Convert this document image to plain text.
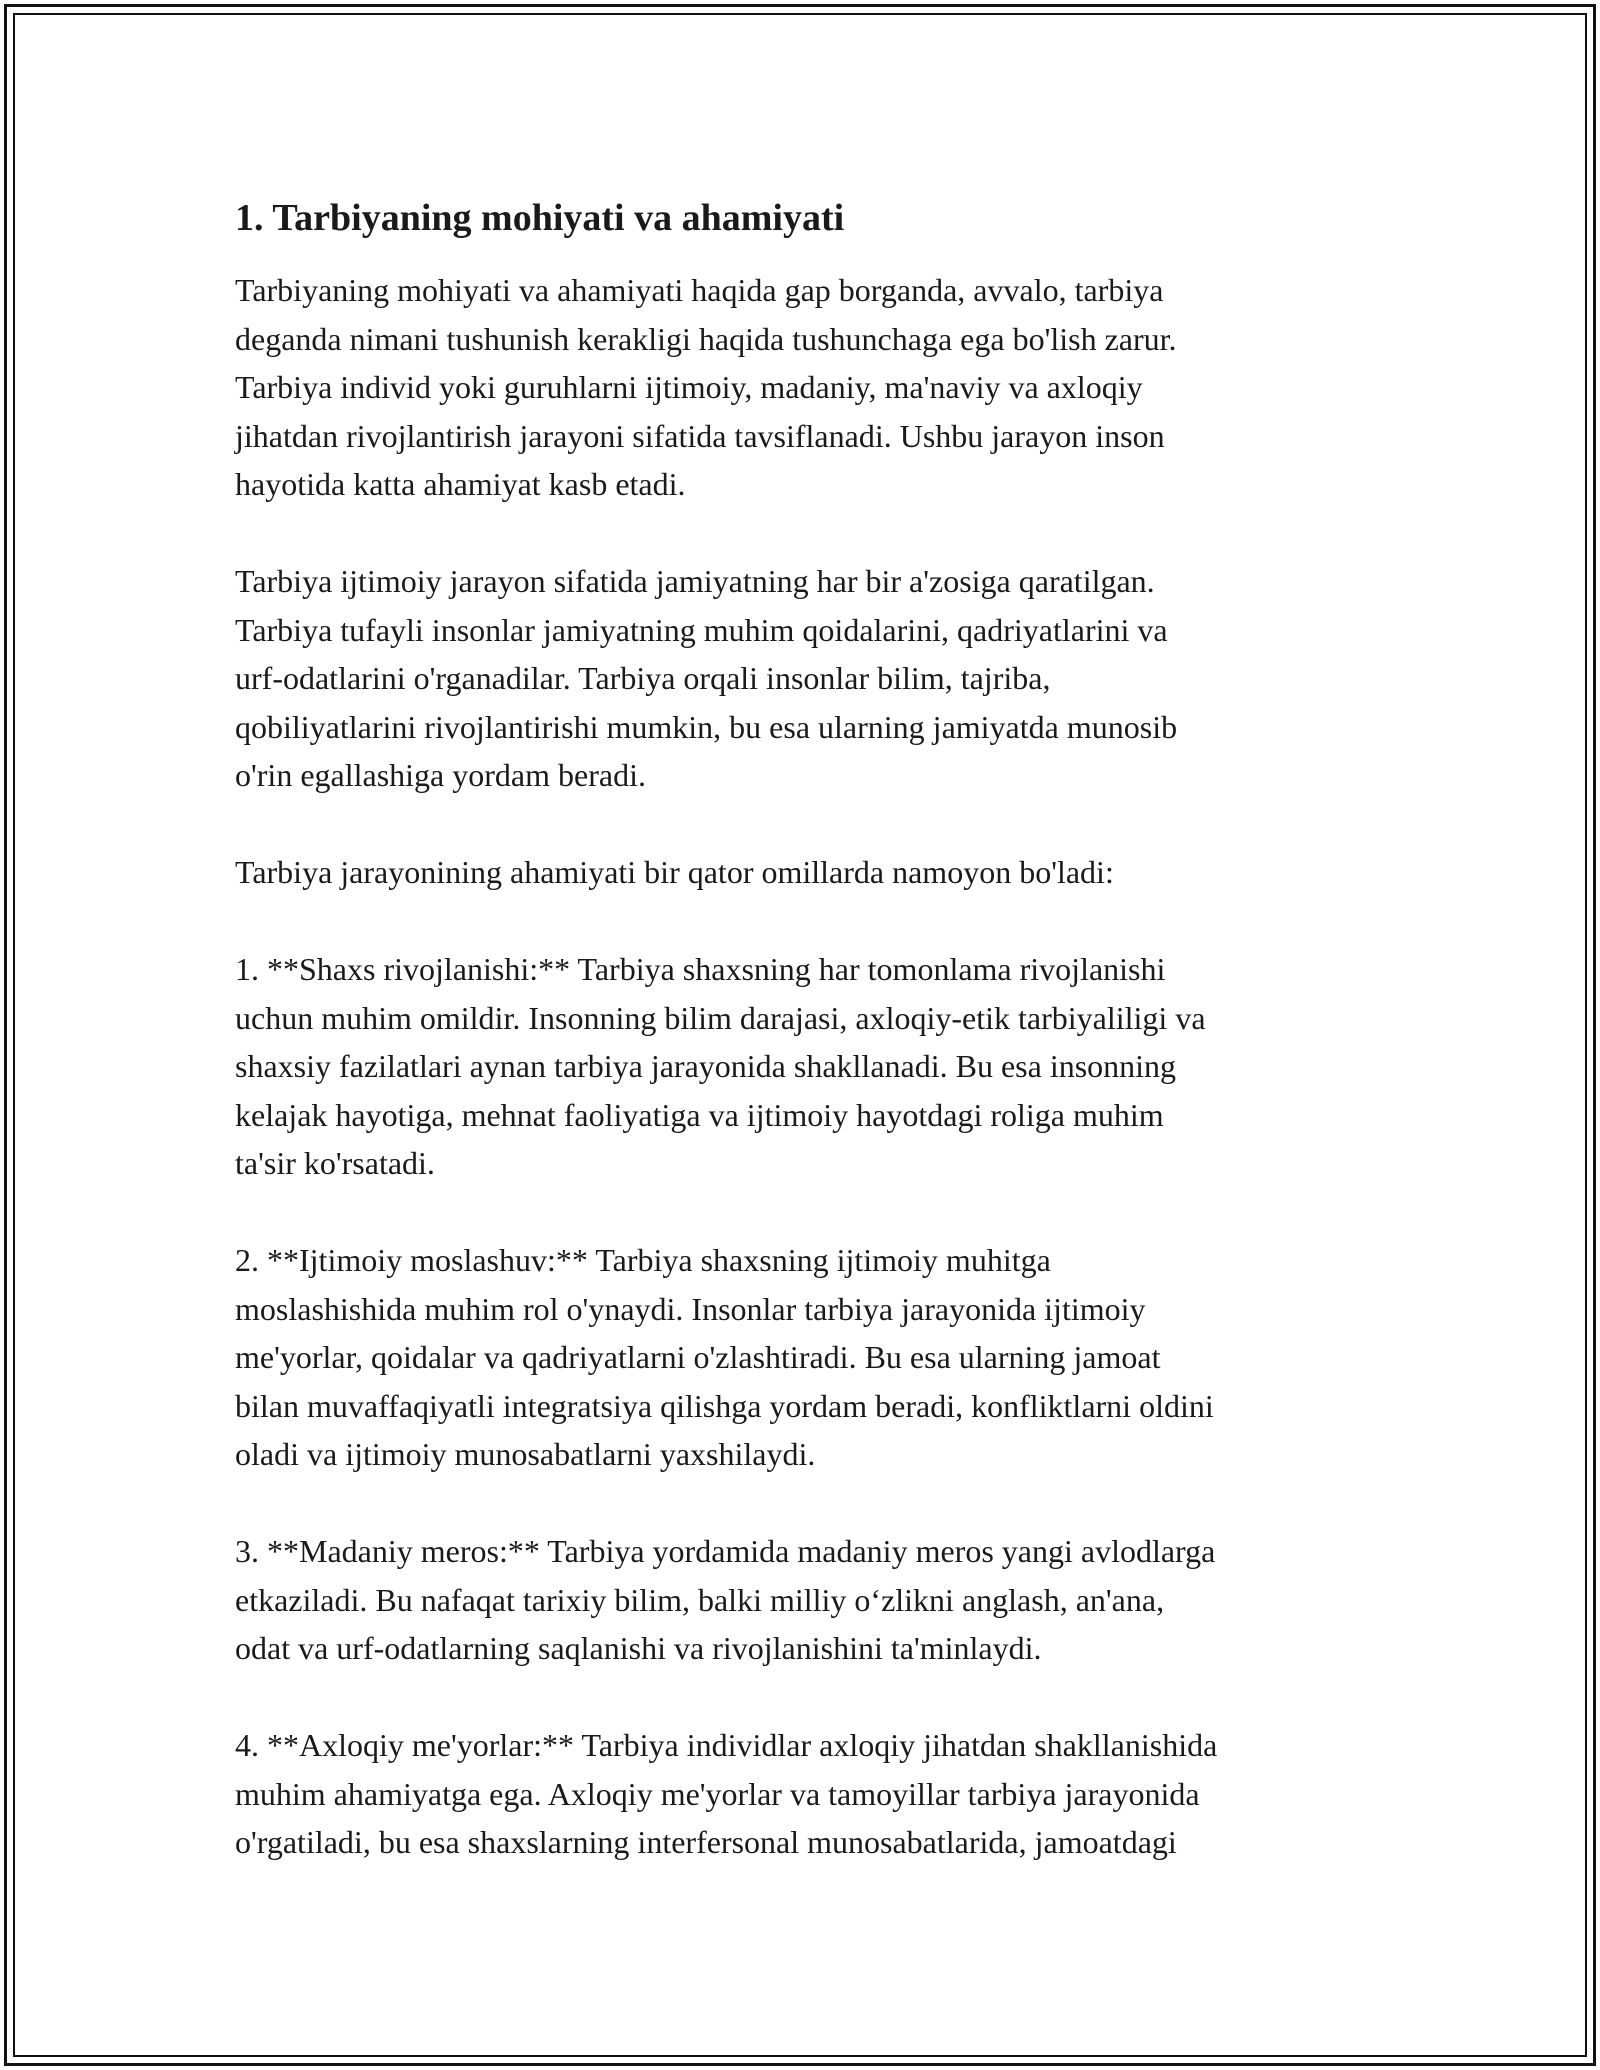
1. Tarbiyaning mohiyati va ahamiyati

Tarbiyaning mohiyati va ahamiyati haqida gap borganda, avvalo, tarbiya
deganda nimani tushunish kerakligi haqida tushunchaga ega bo'lish zarur.
Tarbiya individ yoki guruhlarni ijtimoiy, madaniy, ma'naviy va axloqiy
jihatdan rivojlantirish jarayoni sifatida tavsiflanadi. Ushbu jarayon inson
hayotida katta ahamiyat kasb etadi.

Tarbiya ijtimoiy jarayon sifatida jamiyatning har bir a'zosiga qaratilgan.
Tarbiya tufayli insonlar jamiyatning muhim qoidalarini, qadriyatlarini va
urf-odatlarini o'rganadilar. Tarbiya orqali insonlar bilim, tajriba,
qobiliyatlarini rivojlantirishi mumkin, bu esa ularning jamiyatda munosib
o'rin egallashiga yordam beradi.

Tarbiya jarayonining ahamiyati bir qator omillarda namoyon bo'ladi:

1. **Shaxs rivojlanishi:** Tarbiya shaxsning har tomonlama rivojlanishi
uchun muhim omildir. Insonning bilim darajasi, axloqiy-etik tarbiyaliligi va
shaxsiy fazilatlari aynan tarbiya jarayonida shakllanadi. Bu esa insonning
kelajak hayotiga, mehnat faoliyatiga va ijtimoiy hayotdagi roliga muhim
ta'sir ko'rsatadi.

2. **Ijtimoiy moslashuv:** Tarbiya shaxsning ijtimoiy muhitga
moslashishida muhim rol o'ynaydi. Insonlar tarbiya jarayonida ijtimoiy
me'yorlar, qoidalar va qadriyatlarni o'zlashtiradi. Bu esa ularning jamoat
bilan muvaffaqiyatli integratsiya qilishga yordam beradi, konfliktlarni oldini
oladi va ijtimoiy munosabatlarni yaxshilaydi.

3. **Madaniy meros:** Tarbiya yordamida madaniy meros yangi avlodlarga
etkaziladi. Bu nafaqat tarixiy bilim, balki milliy o‘zlikni anglash, an'ana,
odat va urf-odatlarning saqlanishi va rivojlanishini ta'minlaydi.

4. **Axloqiy me'yorlar:** Tarbiya individlar axloqiy jihatdan shakllanishida
muhim ahamiyatga ega. Axloqiy me'yorlar va tamoyillar tarbiya jarayonida
o'rgatiladi, bu esa shaxslarning interfersonal munosabatlarida, jamoatdagi
